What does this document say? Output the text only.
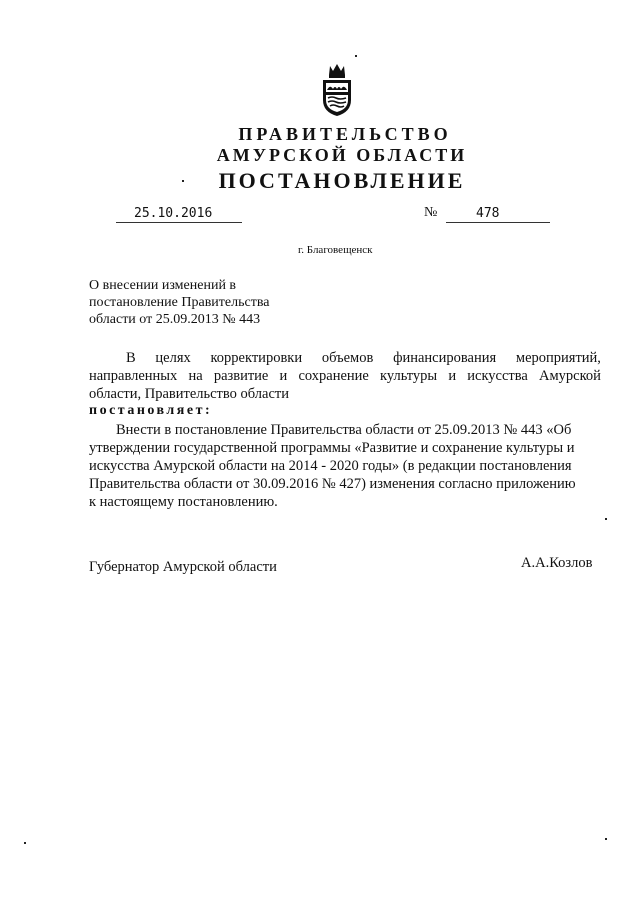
ПРАВИТЕЛЬСТВО
АМУРСКОЙ ОБЛАСТИ
ПОСТАНОВЛЕНИЕ
25.10.2016	№	478
г. Благовещенск
О внесении изменений в
постановление Правительства
области от 25.09.2013 № 443
В целях корректировки объемов финансирования мероприятий,
направленных на развитие и сохранение культуры и искусства Амурской
области, Правительство области
постановляет:
Внести в постановление Правительства области от 25.09.2013 № 443 «Об
утверждении государственной программы «Развитие и сохранение культуры и
искусства Амурской области на 2014 - 2020 годы» (в редакции постановления
Правительства области от 30.09.2016 № 427) изменения согласно приложению
к настоящему постановлению.
Губернатор Амурской области	А.А.Козлов
